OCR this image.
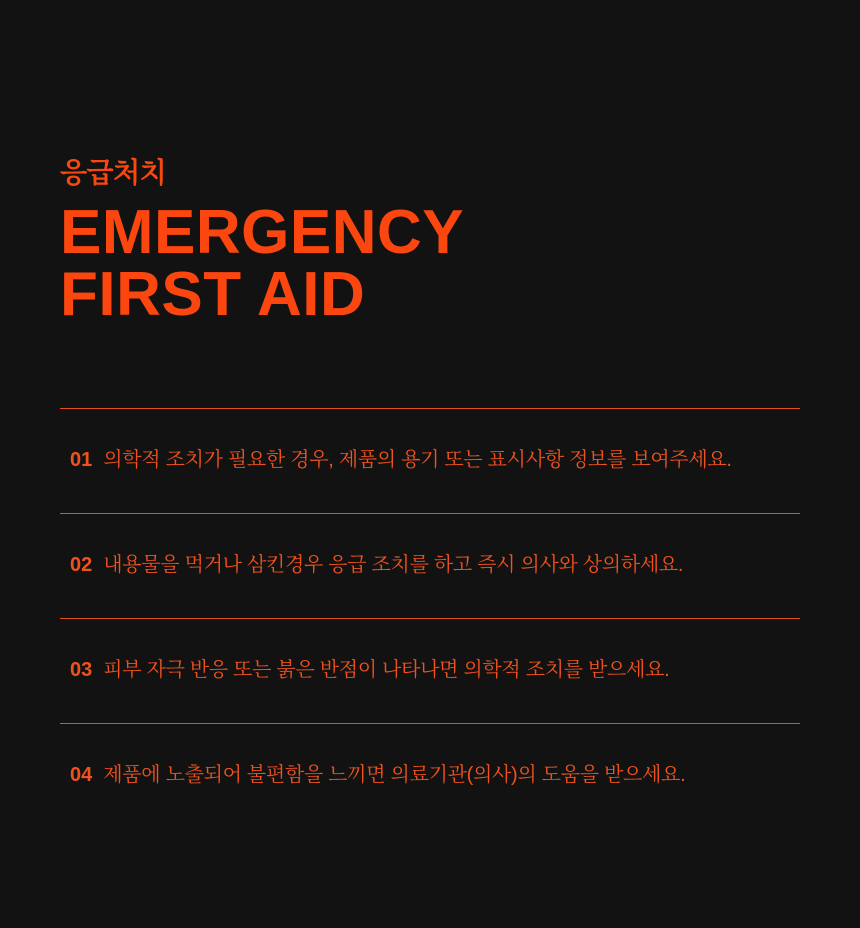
응급처치
EMERGENCY
FIRST AID
01 의학적 조치가 필요한 경우, 제품의 용기 또는 표시사항 정보를 보여주세요.
02 내용물을 먹거나 삼킨경우 응급 조치를 하고 즉시 의사와 상의하세요.
03 피부 자극 반응 또는 붉은 반점이 나타나면 의학적 조치를 받으세요.
04 제품에 노출되어 불편함을 느끼면 의료기관(의사)의 도움을 받으세요.
